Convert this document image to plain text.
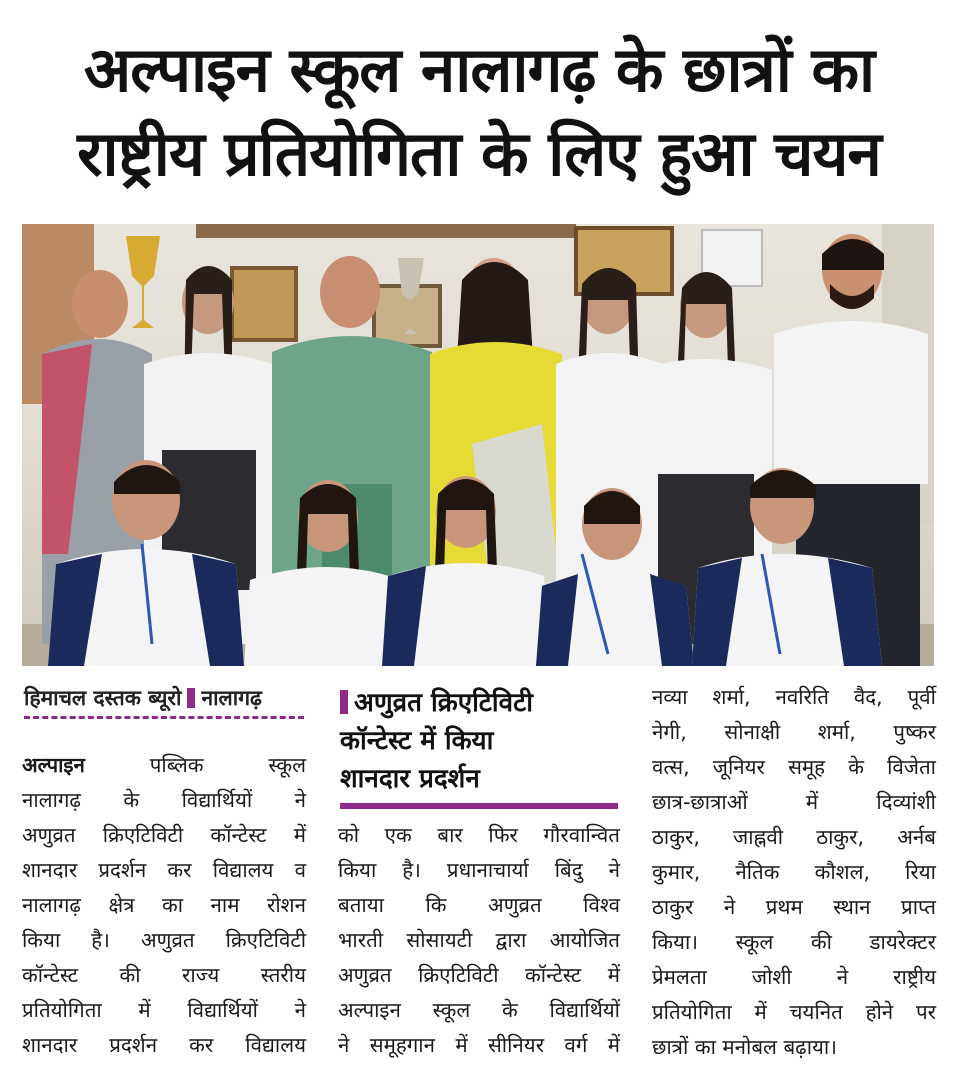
अल्पाइन स्कूल नालागढ़ के छात्रों का
राष्ट्रीय प्रतियोगिता के लिए हुआ चयन
हिमाचल दस्तक ब्यूरो नालागढ़	अणुव्रत क्रिएटिविटी
कॉन्टेस्ट में किया
शानदार प्रदर्शन
अल्पाइन पब्लिक स्कूल
नालागढ़ के विद्यार्थियों ने
अणुव्रत क्रिएटिविटी कॉन्टेस्ट में
शानदार प्रदर्शन कर विद्यालय व
नालागढ़ क्षेत्र का नाम रोशन
किया है। अणुव्रत क्रिएटिविटी
कॉन्टेस्ट की राज्य स्तरीय
प्रतियोगिता में विद्यार्थियों ने
शानदार प्रदर्शन कर विद्यालय
को एक बार फिर गौरवान्वित
किया है। प्रधानाचार्या बिंदु ने
बताया कि अणुव्रत विश्व
भारती सोसायटी द्वारा आयोजित
अणुव्रत क्रिएटिविटी कॉन्टेस्ट में
अल्पाइन स्कूल के विद्यार्थियों
ने समूहगान में सीनियर वर्ग में
नव्या शर्मा, नवरिति वैद, पूर्वी
नेगी, सोनाक्षी शर्मा, पुष्कर
वत्स, जूनियर समूह के विजेता
छात्र-छात्राओं में दिव्यांशी
ठाकुर, जाह्नवी ठाकुर, अर्नब
कुमार, नैतिक कौशल, रिया
ठाकुर ने प्रथम स्थान प्राप्त
किया। स्कूल की डायरेक्टर
प्रेमलता जोशी ने राष्ट्रीय
प्रतियोगिता में चयनित होने पर
छात्रों का मनोबल बढ़ाया।
